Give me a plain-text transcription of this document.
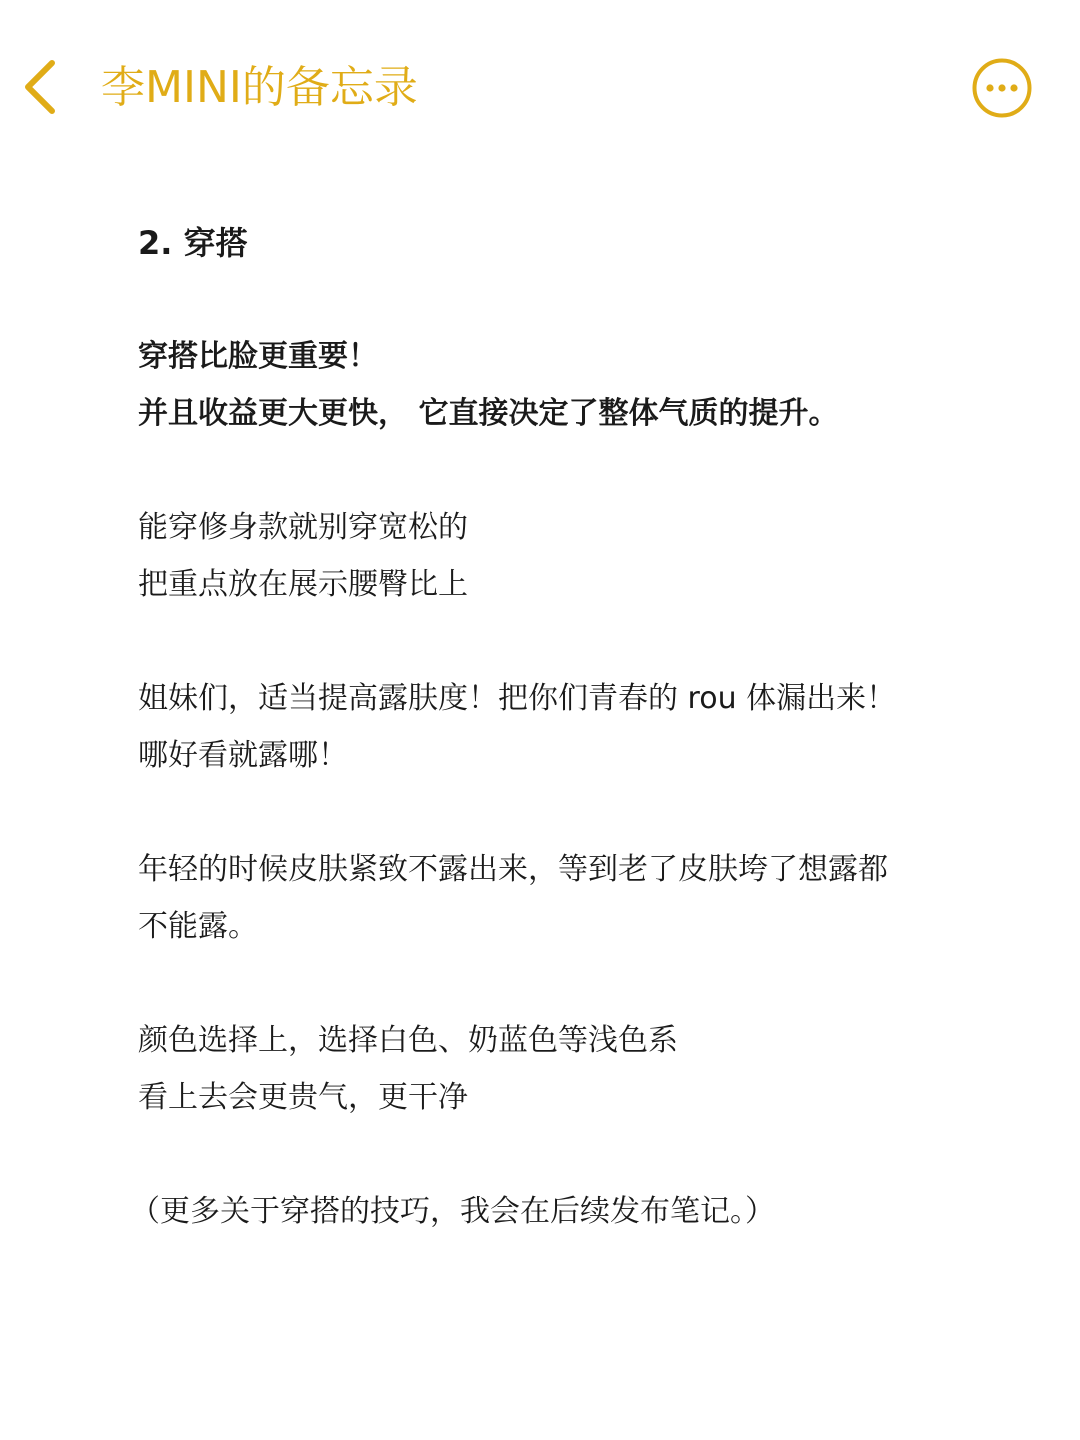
李MINI的备忘录

2. 穿搭

穿搭比脸更重要！
并且收益更大更快， 它直接决定了整体气质的提升。

能穿修身款就别穿宽松的
把重点放在展示腰臀比上

姐妹们，适当提高露肤度！把你们青春的 rou 体漏出来！
哪好看就露哪！

年轻的时候皮肤紧致不露出来，等到老了皮肤垮了想露都
不能露。

颜色选择上，选择白色、奶蓝色等浅色系
看上去会更贵气，更干净

（更多关于穿搭的技巧，我会在后续发布笔记。）
